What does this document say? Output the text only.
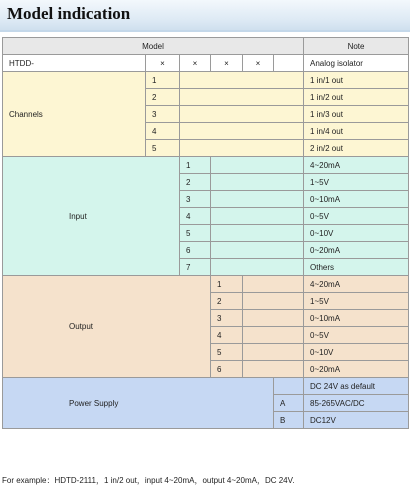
Model indication
Model						Note
HTDD-	×	×	×	×		Analog isolator
Channels	1					1 in/1 out
	2					1 in/2 out
	3					1 in/3 out
	4					1 in/4 out
	5					2 in/2 out
Input		1				4~20mA
		2				1~5V
		3				0~10mA
		4				0~5V
		5				0~10V
		6				0~20mA
		7				Others
Output			1			4~20mA
			2			1~5V
			3			0~10mA
			4			0~5V
			5			0~10V
			6			0~20mA
Power Supply						DC 24V as default
					A	85-265VAC/DC
					B	DC12V
For example：HDTD-2111，1 in/2 out，input 4~20mA，output 4~20mA，DC 24V.
